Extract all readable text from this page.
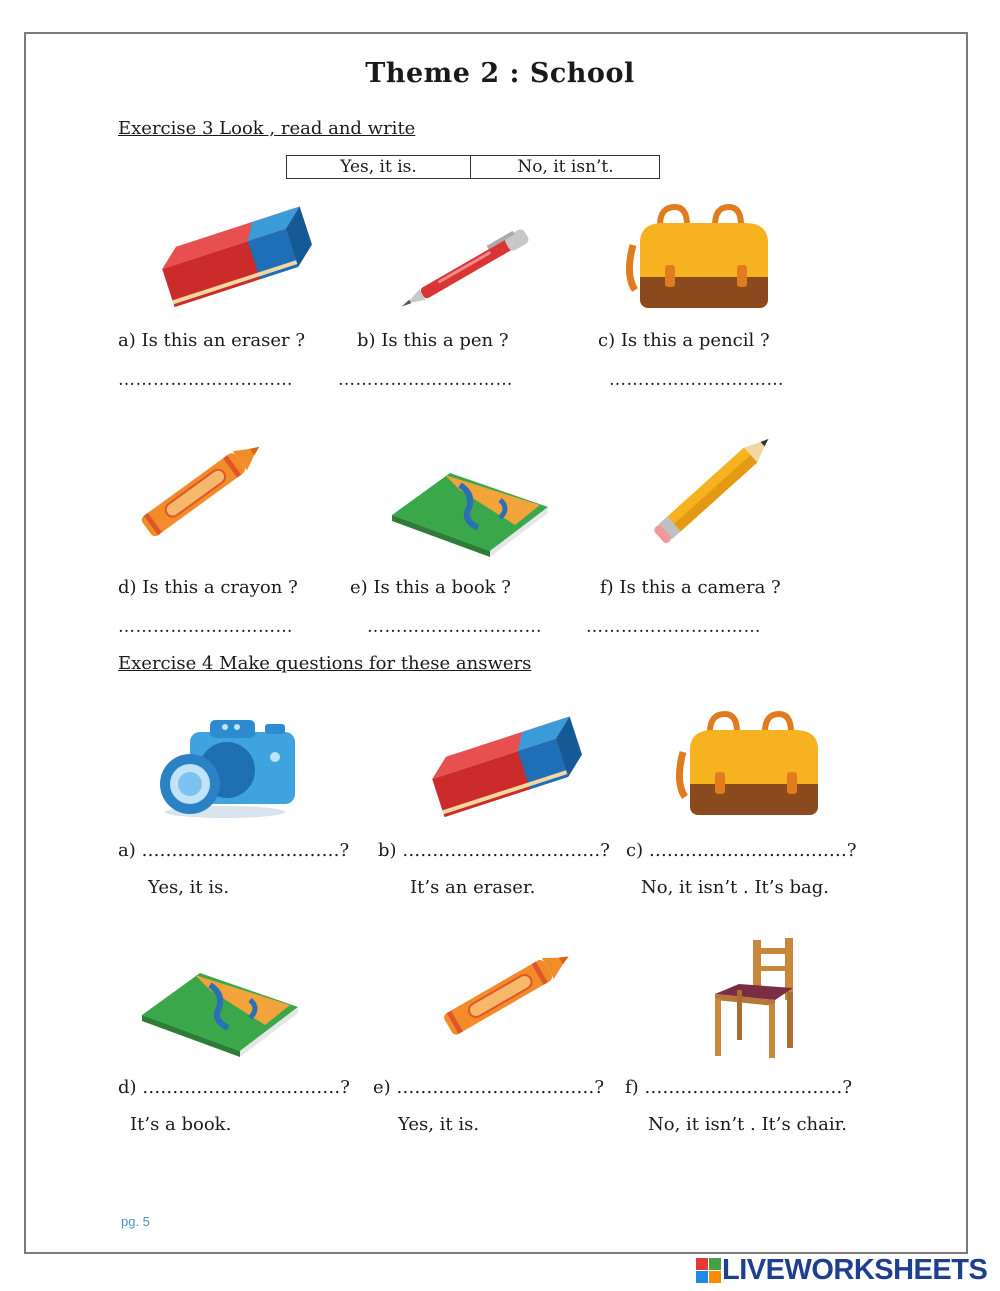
Theme 2 : School
Exercise 3 Look , read and write
Yes, it is.	No, it isn’t.
a) Is this an eraser ?	b) Is this a pen ?	c) Is this a pencil ?
…………………………	…………………………	…………………………
d) Is this a crayon ?	e) Is this a book ?	f) Is this a camera ?
…………………………	…………………………	…………………………
Exercise 4 Make questions for these answers
a) ……………………………? b) ……………………………? c) ……………………………?
Yes, it is.	It’s an eraser.	No, it isn’t . It’s bag.
d) ……………………………? e) ……………………………? f) ……………………………?
It’s a book.	Yes, it is.	No, it isn’t . It’s chair.
pg. 5
LIVEWORKSHEETS
